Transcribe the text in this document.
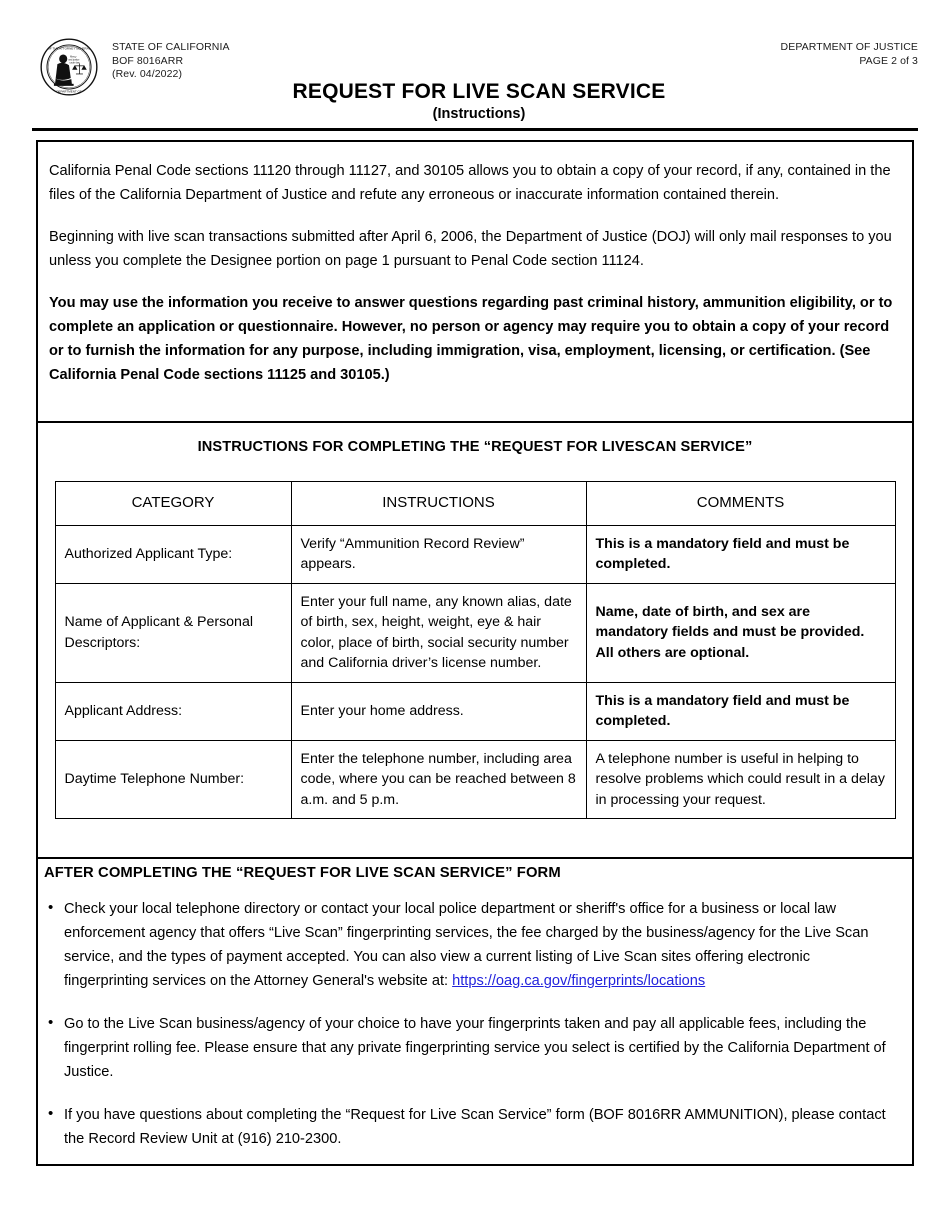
OF THE ATTORNEY GENERAL
DEPARTMENT OF
Mercy
and justice
under law
STATE OF CALIFORNIA
BOF 8016ARR
(Rev. 04/2022)
DEPARTMENT OF JUSTICE
PAGE 2 of 3
REQUEST FOR LIVE SCAN SERVICE
(Instructions)

California Penal Code sections 11120 through 11127, and 30105 allows you to obtain a copy of your record, if any, contained in the files of the California Department of Justice and refute any erroneous or inaccurate information contained therein.

Beginning with live scan transactions submitted after April 6, 2006, the Department of Justice (DOJ) will only mail responses to you unless you complete the Designee portion on page 1 pursuant to Penal Code section 11124.

You may use the information you receive to answer questions regarding past criminal history, ammunition eligibility, or to complete an application or questionnaire. However, no person or agency may require you to obtain a copy of your record or to furnish the information for any purpose, including immigration, visa, employment, licensing, or certification. (See California Penal Code sections 11125 and 30105.)

INSTRUCTIONS FOR COMPLETING THE “REQUEST FOR LIVESCAN SERVICE”
CATEGORY	INSTRUCTIONS	COMMENTS
Authorized Applicant Type:	Verify “Ammunition Record Review” appears.	This is a mandatory field and must be completed.
Name of Applicant & Personal Descriptors:	Enter your full name, any known alias, date of birth, sex, height, weight, eye & hair color, place of birth, social security number and California driver’s license number.	Name, date of birth, and sex are mandatory fields and must be provided. All others are optional.
Applicant Address:	Enter your home address.	This is a mandatory field and must be completed.
Daytime Telephone Number:	Enter the telephone number, including area code, where you can be reached between 8 a.m. and 5 p.m.	A telephone number is useful in helping to resolve problems which could result in a delay in processing your request.
AFTER COMPLETING THE “REQUEST FOR LIVE SCAN SERVICE” FORM
• Check your local telephone directory or contact your local police department or sheriff's office for a business or local law enforcement agency that offers “Live Scan” fingerprinting services, the fee charged by the business/agency for the Live Scan service, and the types of payment accepted. You can also view a current listing of Live Scan sites offering electronic fingerprinting services on the Attorney General's website at: https://oag.ca.gov/fingerprints/locations
• Go to the Live Scan business/agency of your choice to have your fingerprints taken and pay all applicable fees, including the fingerprint rolling fee. Please ensure that any private fingerprinting service you select is certified by the California Department of Justice.
• If you have questions about completing the “Request for Live Scan Service” form (BOF 8016RR AMMUNITION), please contact the Record Review Unit at (916) 210-2300.
